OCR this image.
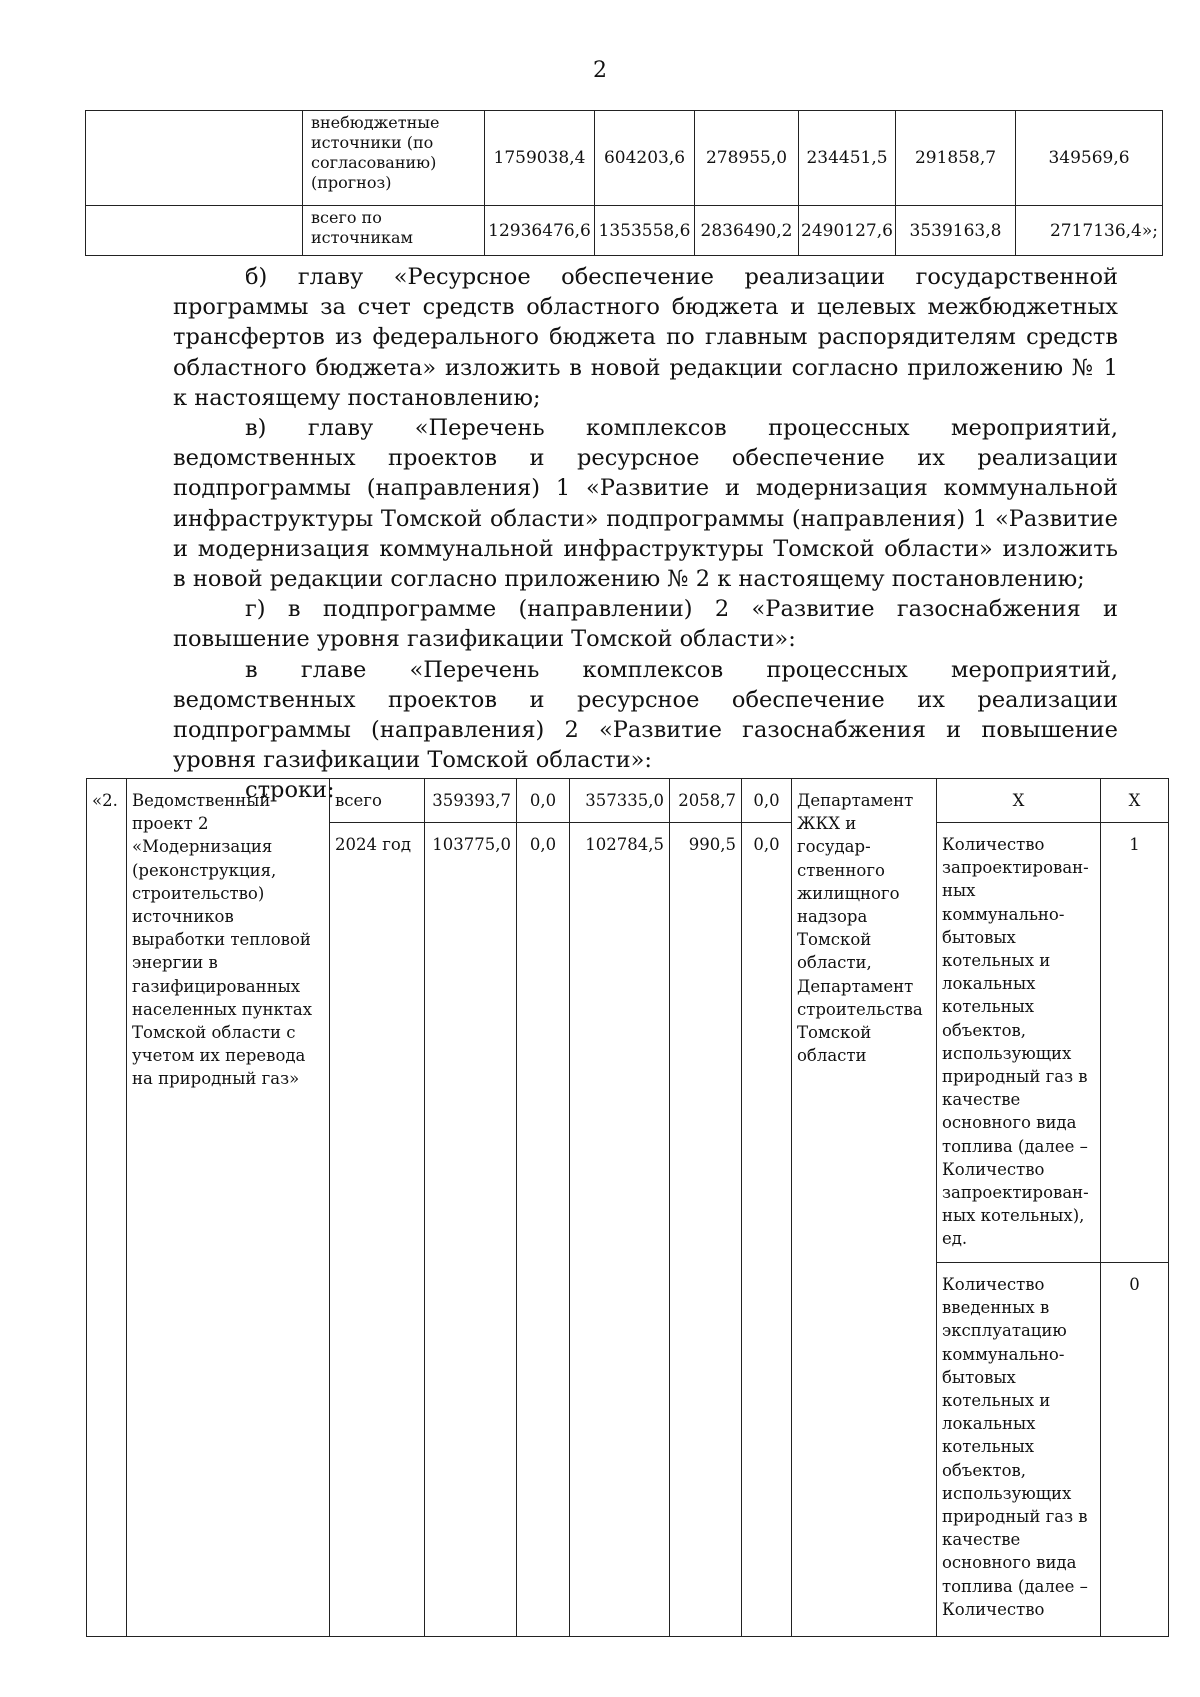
2
	внебюджетные источники (по согласованию) (прогноз)	1759038,4	604203,6	278955,0	234451,5	291858,7	349569,6
	всего по источникам	12936476,6	1353558,6	2836490,2	2490127,6	3539163,8	2717136,4»;

б) главу «Ресурсное обеспечение реализации государственной программы за счет средств областного бюджета и целевых межбюджетных трансфертов из федерального бюджета по главным распорядителям средств областного бюджета» изложить в новой редакции согласно приложению № 1 к настоящему постановлению;

в) главу «Перечень комплексов процессных мероприятий, ведомственных проектов и ресурсное обеспечение их реализации подпрограммы (направления) 1 «Развитие и модернизация коммунальной инфраструктуры Томской области» подпрограммы (направления) 1 «Развитие и модернизация коммунальной инфраструктуры Томской области» изложить в новой редакции согласно приложению № 2 к настоящему постановлению;

г) в подпрограмме (направлении) 2 «Развитие газоснабжения и повышение уровня газификации Томской области»:

в главе «Перечень комплексов процессных мероприятий, ведомственных проектов и ресурсное обеспечение их реализации подпрограммы (направления) 2 «Развитие газоснабжения и повышение уровня газификации Томской области»:

строки:

«2.	Ведомственный проект 2 «Модернизация (реконструкция, строительство) источников выработки тепловой энергии в газифицированных населенных пунктах Томской области с учетом их перевода на природный газ»	всего	359393,7	0,0	357335,0	2058,7	0,0	Департамент ЖКХ и государ-ственного жилищного надзора Томской области, Департамент строительства Томской области	X	X
		2024 год	103775,0	0,0	102784,5	990,5	0,0		Количество запроектирован-ных коммунально-бытовых котельных и локальных котельных объектов, использующих природный газ в качестве основного вида топлива (далее – Количество запроектирован-ных котельных), ед.	1
									Количество введенных в эксплуатацию коммунально-бытовых котельных и локальных котельных объектов, использующих природный газ в качестве основного вида топлива (далее – Количество	0
